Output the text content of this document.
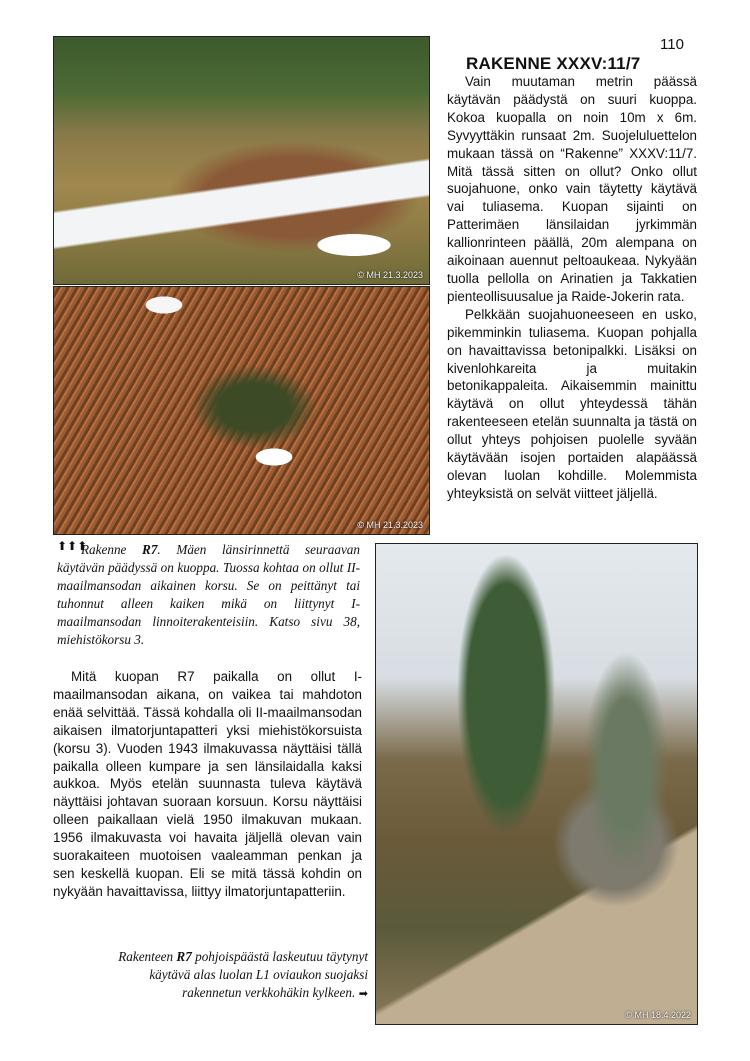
110
© MH 21.3.2023
© MH 21.3.2023
RAKENNE XXXV:11/7

Vain muutaman metrin päässä käytävän päädystä on suuri kuoppa. Kokoa kuopalla on noin 10m x 6m. Syvyyttäkin runsaat 2m. Suojeluluettelon mukaan tässä on “Rakenne” XXXV:11/7. Mitä tässä sitten on ollut? Onko ollut suojahuone, onko vain täytetty käytävä vai tuliasema. Kuopan sijainti on Patterimäen länsilaidan jyrkimmän kallionrinteen päällä, 20m alempana on aikoinaan auennut peltoaukeaa. Nykyään tuolla pellolla on Arinatien ja Takkatien pienteollisuusalue ja Raide-Jokerin rata.

Pelkkään suojahuoneeseen en usko, pikemminkin tuliasema. Kuopan pohjalla on havaittavissa betonipalkki. Lisäksi on kivenlohkareita ja muitakin betonikappaleita. Aikaisemmin mainittu käytävä on ollut yhteydessä tähän rakenteeseen etelän suunnalta ja tästä on ollut yhteys pohjoisen puolelle syvään käytävään isojen portaiden alapäässä olevan luolan kohdille. Molemmista yhteyksistä on selvät viitteet jäljellä.

⬆⬆⬆
Rakenne R7. Mäen länsirinnettä seuraavan käytävän päädyssä on kuoppa. Tuossa kohtaa on ollut II-maailmansodan aikainen korsu. Se on peittänyt tai tuhonnut alleen kaiken mikä on liittynyt I-maailmansodan linnoiterakenteisiin. Katso sivu 38, miehistökorsu 3.

Mitä kuopan R7 paikalla on ollut I-maailmansodan aikana, on vaikea tai mahdoton enää selvittää. Tässä kohdalla oli II-maailmansodan aikaisen ilmatorjuntapatteri yksi miehistökorsuista (korsu 3). Vuoden 1943 ilmakuvassa näyttäisi tällä paikalla olleen kumpare ja sen länsilaidalla kaksi aukkoa. Myös etelän suunnasta tuleva käytävä näyttäisi johtavan suoraan korsuun. Korsu näyttäisi olleen paikallaan vielä 1950 ilmakuvan mukaan. 1956 ilmakuvasta voi havaita jäljellä olevan vain suorakaiteen muotoisen vaaleamman penkan ja sen keskellä kuopan. Eli se mitä tässä kohdin on nykyään havaittavissa, liittyy ilmatorjuntapatteriin.

© MH 18.4.2022
Rakenteen R7 pohjoispäästä laskeutuu täytynyt käytävä alas luolan L1 oviaukon suojaksi rakennetun verkkohäkin kylkeen. ➡
